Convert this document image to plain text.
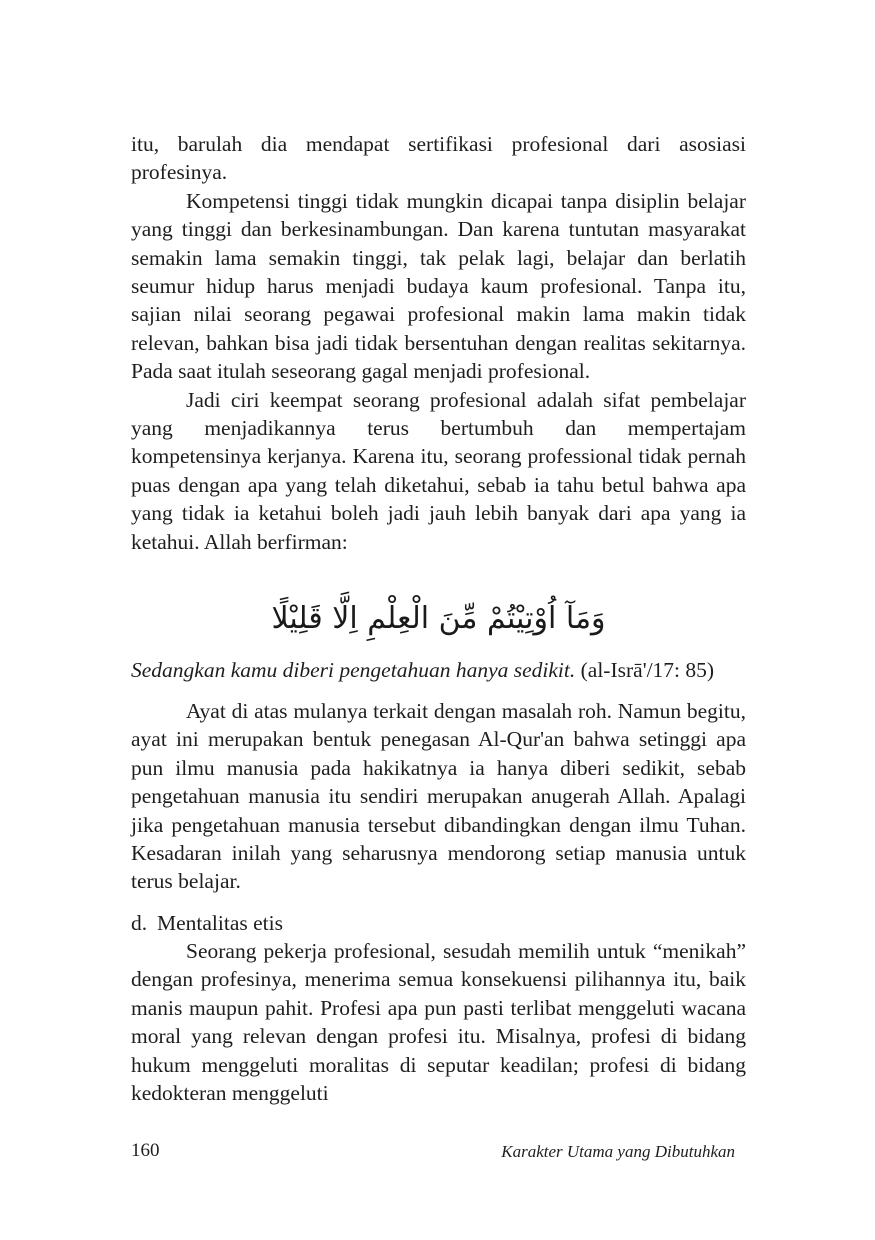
itu, barulah dia mendapat sertifikasi profesional dari asosiasi profesinya.

Kompetensi tinggi tidak mungkin dicapai tanpa disiplin belajar yang tinggi dan berkesinambungan. Dan karena tuntutan masyarakat semakin lama semakin tinggi, tak pelak lagi, belajar dan berlatih seumur hidup harus menjadi budaya kaum profesional. Tanpa itu, sajian nilai seorang pegawai profesional makin lama makin tidak relevan, bahkan bisa jadi tidak bersentuhan dengan realitas sekitarnya. Pada saat itulah seseorang gagal menjadi profesional.

Jadi ciri keempat seorang profesional adalah sifat pembelajar yang menjadikannya terus bertumbuh dan mempertajam kompetensinya kerjanya. Karena itu, seorang professional tidak pernah puas dengan apa yang telah diketahui, sebab ia tahu betul bahwa apa yang tidak ia ketahui boleh jadi jauh lebih banyak dari apa yang ia ketahui. Allah berfirman:

وَمَآ اُوْتِيْتُمْ مِّنَ الْعِلْمِ اِلَّا قَلِيْلًا
Sedangkan kamu diberi pengetahuan hanya sedikit. (al-Isrā'/17: 85)

Ayat di atas mulanya terkait dengan masalah roh. Namun begitu, ayat ini merupakan bentuk penegasan Al-Qur'an bahwa setinggi apa pun ilmu manusia pada hakikatnya ia hanya diberi sedikit, sebab pengetahuan manusia itu sendiri merupakan anugerah Allah. Apalagi jika pengetahuan manusia tersebut dibandingkan dengan ilmu Tuhan. Kesadaran inilah yang seharusnya mendorong setiap manusia untuk terus belajar.

d. Mentalitas etis

Seorang pekerja profesional, sesudah memilih untuk “menikah” dengan profesinya, menerima semua konsekuensi pilihannya itu, baik manis maupun pahit. Profesi apa pun pasti terlibat menggeluti wacana moral yang relevan dengan profesi itu. Misalnya, profesi di bidang hukum menggeluti moralitas di seputar keadilan; profesi di bidang kedokteran menggeluti

160	Karakter Utama yang Dibutuhkan
